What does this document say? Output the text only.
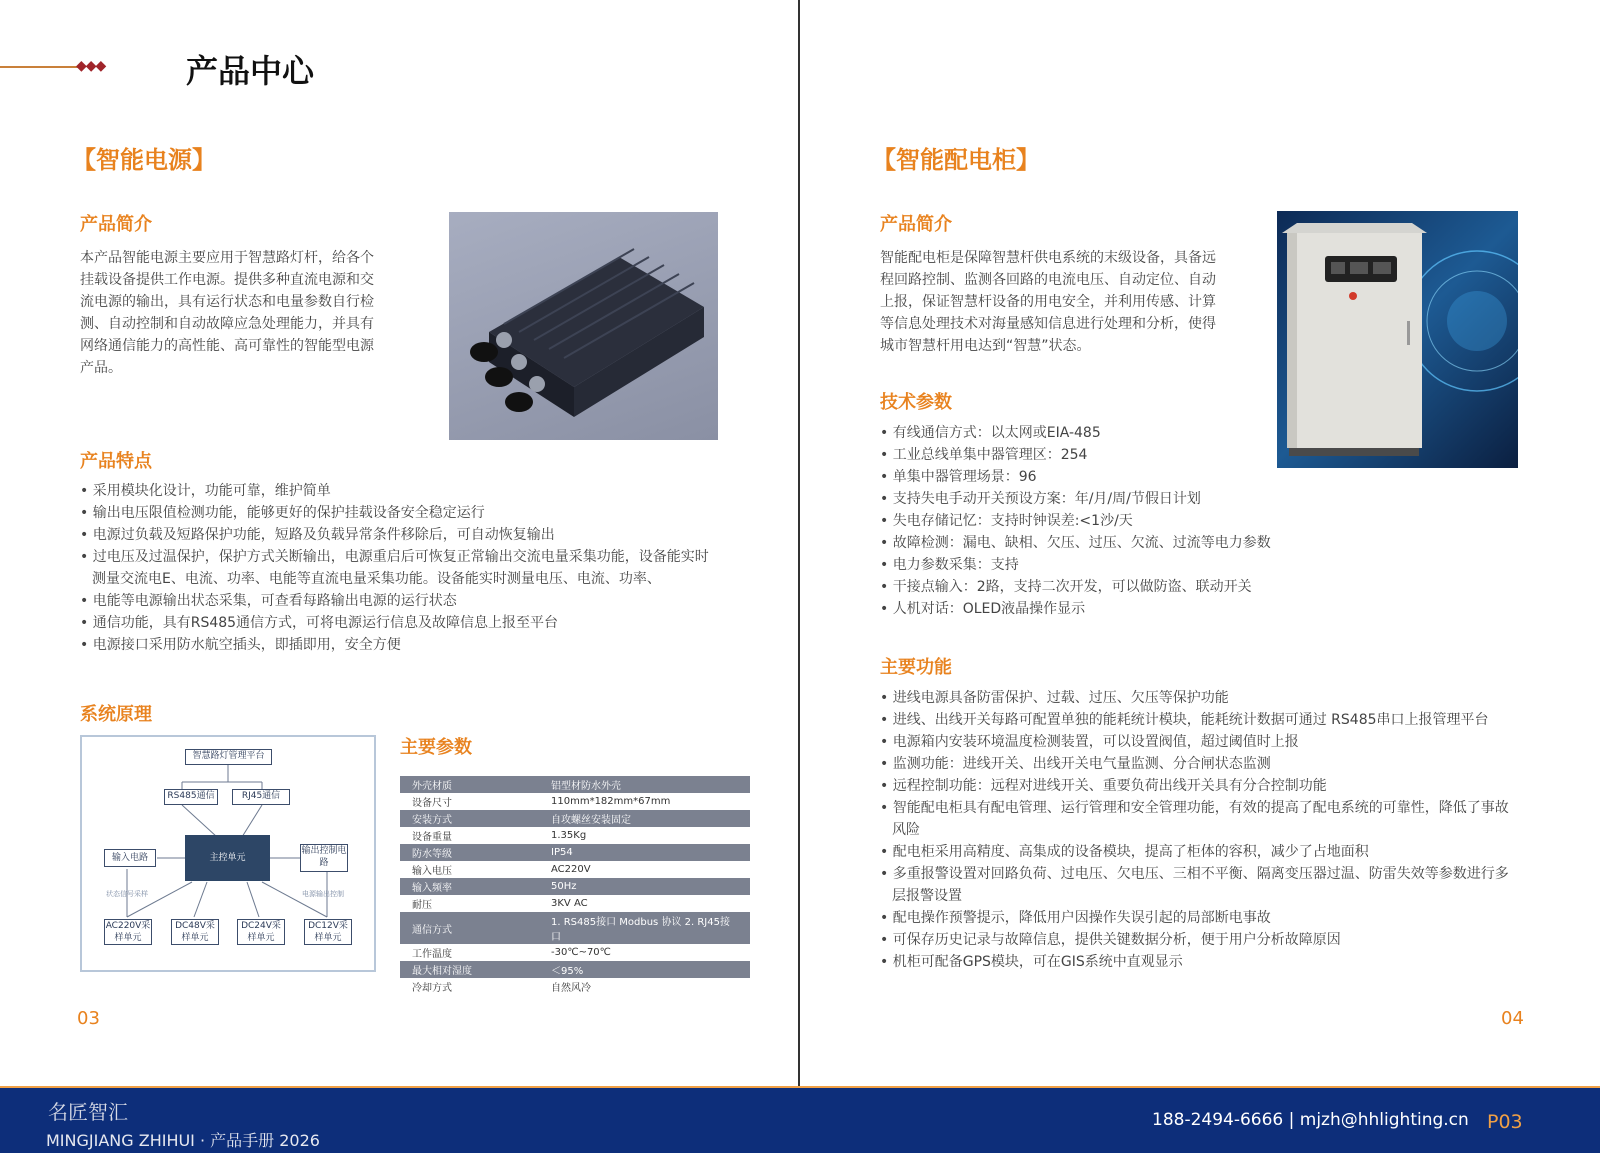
◆◆◆	产品中心
【智能电源】
产品简介
本产品智能电源主要应用于智慧路灯杆，给各个
挂载设备提供工作电源。提供多种直流电源和交
流电源的输出，具有运行状态和电量参数自行检
测、自动控制和自动故障应急处理能力，并具有
网络通信能力的高性能、高可靠性的智能型电源
产品。
产品特点
• 采用模块化设计，功能可靠，维护简单
• 输出电压限值检测功能，能够更好的保护挂载设备安全稳定运行
• 电源过负载及短路保护功能，短路及负载异常条件移除后，可自动恢复输出
• 过电压及过温保护，保护方式关断输出，电源重启后可恢复正常输出交流电量采集功能，设备能实时测量交流电E、电流、功率、电能等直流电量采集功能。设备能实时测量电压、电流、功率、
• 电能等电源输出状态采集，可查看每路输出电源的运行状态
• 通信功能，具有RS485通信方式，可将电源运行信息及故障信息上报至平台
• 电源接口采用防水航空插头，即插即用，安全方便
系统原理
智慧路灯管理平台
RS485通信	RJ45通信
输入电路	主控单元
输出控制电路
状态信号采样	电源输出控制
AC220V采样单元
DC48V采样单元
DC24V采样单元
DC12V采样单元
主要参数
外壳材质	铝型材防水外壳
设备尺寸	110mm*182mm*67mm
安装方式	自攻螺丝安装固定
设备重量	1.35Kg
防水等级	IP54
输入电压	AC220V
输入频率	50Hz
耐压	3KV AC
通信方式	1. RS485接口 Modbus 协议 2. RJ45接口
工作温度	-30℃~70℃
最大相对湿度	＜95%
冷却方式	自然风冷
03
【智能配电柜】
产品简介
智能配电柜是保障智慧杆供电系统的末级设备，具备远
程回路控制、监测各回路的电流电压、自动定位、自动
上报，保证智慧杆设备的用电安全，并利用传感、计算
等信息处理技术对海量感知信息进行处理和分析，使得
城市智慧杆用电达到“智慧”状态。
技术参数
• 有线通信方式：以太网或EIA-485
• 工业总线单集中器管理区：254
• 单集中器管理场景：96
• 支持失电手动开关预设方案：年/月/周/节假日计划
• 失电存储记忆：支持时钟误差:<1沙/天
• 故障检测：漏电、缺相、欠压、过压、欠流、过流等电力参数
• 电力参数采集：支持
• 干接点输入：2路，支持二次开发，可以做防盗、联动开关
• 人机对话：OLED液晶操作显示
主要功能
• 进线电源具备防雷保护、过载、过压、欠压等保护功能
• 进线、出线开关每路可配置单独的能耗统计模块，能耗统计数据可通过 RS485串口上报管理平台
• 电源箱内安装环境温度检测装置，可以设置阀值，超过阈值时上报
• 监测功能：进线开关、出线开关电气量监测、分合闸状态监测
• 远程控制功能：远程对进线开关、重要负荷出线开关具有分合控制功能
• 智能配电柜具有配电管理、运行管理和安全管理功能，有效的提高了配电系统的可靠性，降低了事故风险
• 配电柜采用高精度、高集成的设备模块，提高了柜体的容积，减少了占地面积
• 多重报警设置对回路负荷、过电压、欠电压、三相不平衡、隔离变压器过温、防雷失效等参数进行多层报警设置
• 配电操作预警提示，降低用户因操作失误引起的局部断电事故
• 可保存历史记录与故障信息，提供关键数据分析，便于用户分析故障原因
• 机柜可配备GPS模块，可在GIS系统中直观显示
04
名匠智汇
MINGJIANG ZHIHUI · 产品手册 2026
188-2494-6666 | mjzh@hhlighting.cn P03
